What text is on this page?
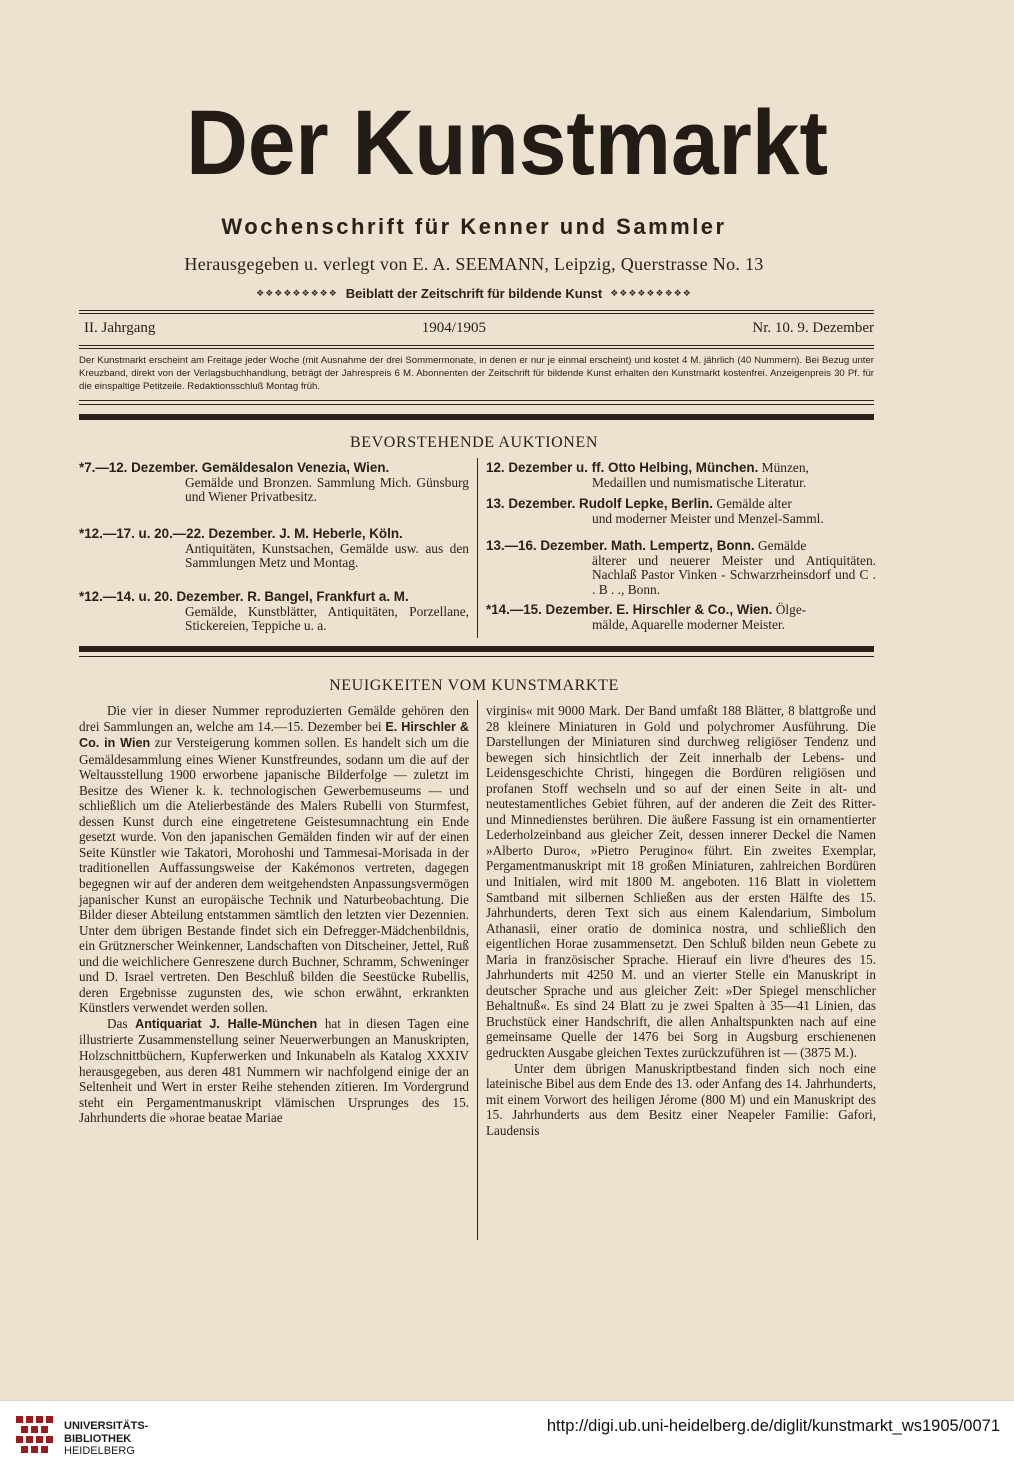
Der Kunstmarkt
Wochenschrift für Kenner und Sammler
Herausgegeben u. verlegt von E. A. SEEMANN, Leipzig, Querstrasse No. 13
❖❖❖❖❖❖❖❖❖ Beiblatt der Zeitschrift für bildende Kunst ❖❖❖❖❖❖❖❖❖
II. Jahrgang	1904/1905	Nr. 10. 9. Dezember
Der Kunstmarkt erscheint am Freitage jeder Woche (mit Ausnahme der drei Sommermonate, in denen er nur je einmal erscheint) und kostet 4 M. jährlich (40 Nummern). Bei Bezug unter Kreuzband, direkt von der Verlagsbuchhandlung, beträgt der Jahrespreis 6 M. Abonnenten der Zeitschrift für bildende Kunst erhalten den Kunstmarkt kostenfrei. Anzeigenpreis 30 Pf. für die einspaltige Petitzeile. Redaktionsschluß Montag früh.
BEVORSTEHENDE AUKTIONEN
*7.—12. Dezember. Gemäldesalon Venezia, Wien.
Gemälde und Bronzen. Sammlung Mich. Günsburg und Wiener Privatbesitz.
*12.—17. u. 20.—22. Dezember. J. M. Heberle, Köln.
Antiquitäten, Kunstsachen, Gemälde usw. aus den Sammlungen Metz und Montag.
*12.—14. u. 20. Dezember. R. Bangel, Frankfurt a. M.
Gemälde, Kunstblätter, Antiquitäten, Porzellane, Stickereien, Teppiche u. a.
12. Dezember u. ff. Otto Helbing, München. Münzen,
Medaillen und numismatische Literatur.
13. Dezember. Rudolf Lepke, Berlin. Gemälde alter
und moderner Meister und Menzel-Samml.
13.—16. Dezember. Math. Lempertz, Bonn. Gemälde
älterer und neuerer Meister und Antiquitäten. Nachlaß Pastor Vinken - Schwarzrheinsdorf und C . . B . ., Bonn.
*14.—15. Dezember. E. Hirschler & Co., Wien. Ölge-
mälde, Aquarelle moderner Meister.
NEUIGKEITEN VOM KUNSTMARKTE

Die vier in dieser Nummer reproduzierten Gemälde gehören den drei Sammlungen an, welche am 14.—15. Dezember bei E. Hirschler & Co. in Wien zur Versteigerung kommen sollen. Es handelt sich um die Gemäldesammlung eines Wiener Kunstfreundes, sodann um die auf der Weltausstellung 1900 erworbene japanische Bilderfolge — zuletzt im Besitze des Wiener k. k. technologischen Gewerbemuseums — und schließlich um die Atelierbestände des Malers Rubelli von Sturmfest, dessen Kunst durch eine eingetretene Geistesumnachtung ein Ende gesetzt wurde. Von den japanischen Gemälden finden wir auf der einen Seite Künstler wie Takatori, Morohoshi und Tammesai-Morisada in der traditionellen Auffassungsweise der Kakémonos vertreten, dagegen begegnen wir auf der anderen dem weitgehendsten Anpassungsvermögen japanischer Kunst an europäische Technik und Naturbeobachtung. Die Bilder dieser Abteilung entstammen sämtlich den letzten vier Dezennien. Unter dem übrigen Bestande findet sich ein Defregger-Mädchenbildnis, ein Grütznerscher Weinkenner, Landschaften von Ditscheiner, Jettel, Ruß und die weichlichere Genreszene durch Buchner, Schramm, Schweninger und D. Israel vertreten. Den Beschluß bilden die Seestücke Rubellis, deren Ergebnisse zugunsten des, wie schon erwähnt, erkrankten Künstlers verwendet werden sollen.

Das Antiquariat J. Halle-München hat in diesen Tagen eine illustrierte Zusammenstellung seiner Neuerwerbungen an Manuskripten, Holzschnittbüchern, Kupferwerken und Inkunabeln als Katalog XXXIV herausgegeben, aus deren 481 Nummern wir nachfolgend einige der an Seltenheit und Wert in erster Reihe stehenden zitieren. Im Vordergrund steht ein Pergamentmanuskript vlämischen Ursprunges des 15. Jahrhunderts die »horae beatae Mariae

virginis« mit 9000 Mark. Der Band umfaßt 188 Blätter, 8 blattgroße und 28 kleinere Miniaturen in Gold und polychromer Ausführung. Die Darstellungen der Miniaturen sind durchweg religiöser Tendenz und bewegen sich hinsichtlich der Zeit innerhalb der Lebens- und Leidensgeschichte Christi, hingegen die Bordüren religiösen und profanen Stoff wechseln und so auf der einen Seite in alt- und neutestamentliches Gebiet führen, auf der anderen die Zeit des Ritter- und Minnedienstes berühren. Die äußere Fassung ist ein ornamentierter Lederholzeinband aus gleicher Zeit, dessen innerer Deckel die Namen »Alberto Duro«, »Pietro Perugino« führt. Ein zweites Exemplar, Pergamentmanuskript mit 18 großen Miniaturen, zahlreichen Bordüren und Initialen, wird mit 1800 M. angeboten. 116 Blatt in violettem Samtband mit silbernen Schließen aus der ersten Hälfte des 15. Jahrhunderts, deren Text sich aus einem Kalendarium, Simbolum Athanasii, einer oratio de dominica nostra, und schließlich den eigentlichen Horae zusammensetzt. Den Schluß bilden neun Gebete zu Maria in französischer Sprache. Hierauf ein livre d'heures des 15. Jahrhunderts mit 4250 M. und an vierter Stelle ein Manuskript in deutscher Sprache und aus gleicher Zeit: »Der Spiegel menschlicher Behaltnuß«. Es sind 24 Blatt zu je zwei Spalten à 35—41 Linien, das Bruchstück einer Handschrift, die allen Anhaltspunkten nach auf eine gemeinsame Quelle der 1476 bei Sorg in Augsburg erschienenen gedruckten Ausgabe gleichen Textes zurückzuführen ist — (3875 M.).

Unter dem übrigen Manuskriptbestand finden sich noch eine lateinische Bibel aus dem Ende des 13. oder Anfang des 14. Jahrhunderts, mit einem Vorwort des heiligen Jérome (800 M) und ein Manuskript des 15. Jahrhunderts aus dem Besitz einer Neapeler Familie: Gafori, Laudensis

UNIVERSITÄTS-
BIBLIOTHEK
HEIDELBERG
http://digi.ub.uni-heidelberg.de/diglit/kunstmarkt_ws1905/0071
